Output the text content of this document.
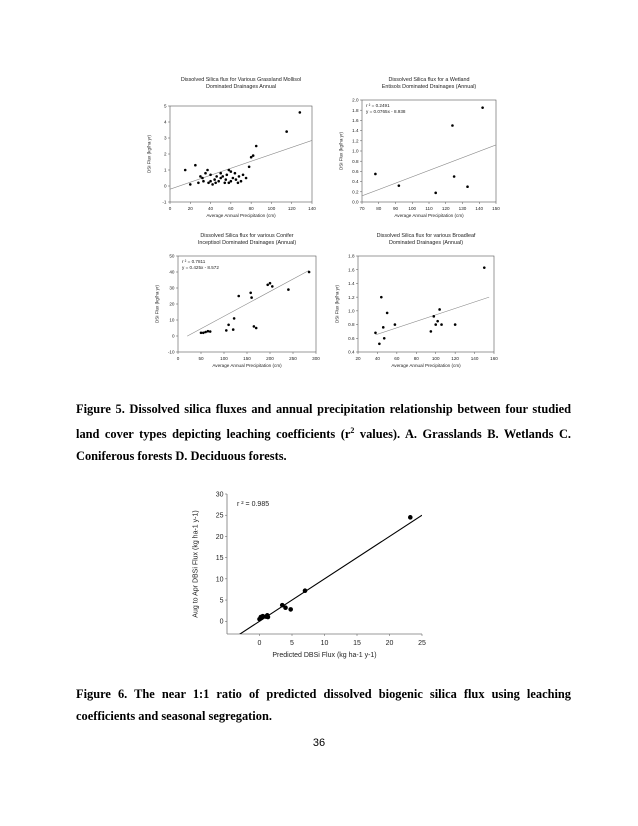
Dissolved Silica flux for Various Grassland Mollisol
Dominated Drainages Annual
0	20	40	60	80	100	120	140
-1
0
1
2
3
4
5
Average Annual Precipitation (cm)
DSi Flux (kg/ha yr)
Dissolved Silica flux for a Wetland
Entisols Dominated Drainages (Annual)
70	80	90 100 110 120 130 140 150
0.0
0.2
0.4
0.6
0.8
1.0
1.2
1.4
1.6
1.8
2.0
Average Annual Precipitation (cm)
DSi Flux (kg/ha yr)
r ² = 0.2491
y = 0.0765x - 8.938
Dissolved Silica flux for various Conifer
Inceptisol Dominated Drainages (Annual)
0	50	100	150	200	250	300
-10
0
10
20
30
40
50
Average Annual Precipitation (cm)
DSi Flux (kg/ha yr)
r ² = 0.7811
y = 0.425x - 8.572
Dissolved Silica flux for various Broadleaf
Dominated Drainages (Annual)
20	40	60	80	100	120	140	160
0.4
0.6
0.8
1.0
1.2
1.4
1.6
1.8
Average Annual Precipitation (cm)
DSi Flux (kg/ha yr)
Figure 5. Dissolved silica fluxes and annual precipitation relationship between four studied land cover types depicting leaching coefficients ($r^2$ values). A. Grasslands B. Wetlands C. Coniferous forests D. Deciduous forests.
0	5	10	15	20	25
0
5
10
15
20
25
30
Predicted DBSi Flux (kg ha-1 y-1)
Aug to Apr DBSi Flux (kg ha-1 y-1)
r ² = 0.985
Figure 6. The near 1:1 ratio of predicted dissolved biogenic silica flux using leaching coefficients and seasonal segregation.
36
